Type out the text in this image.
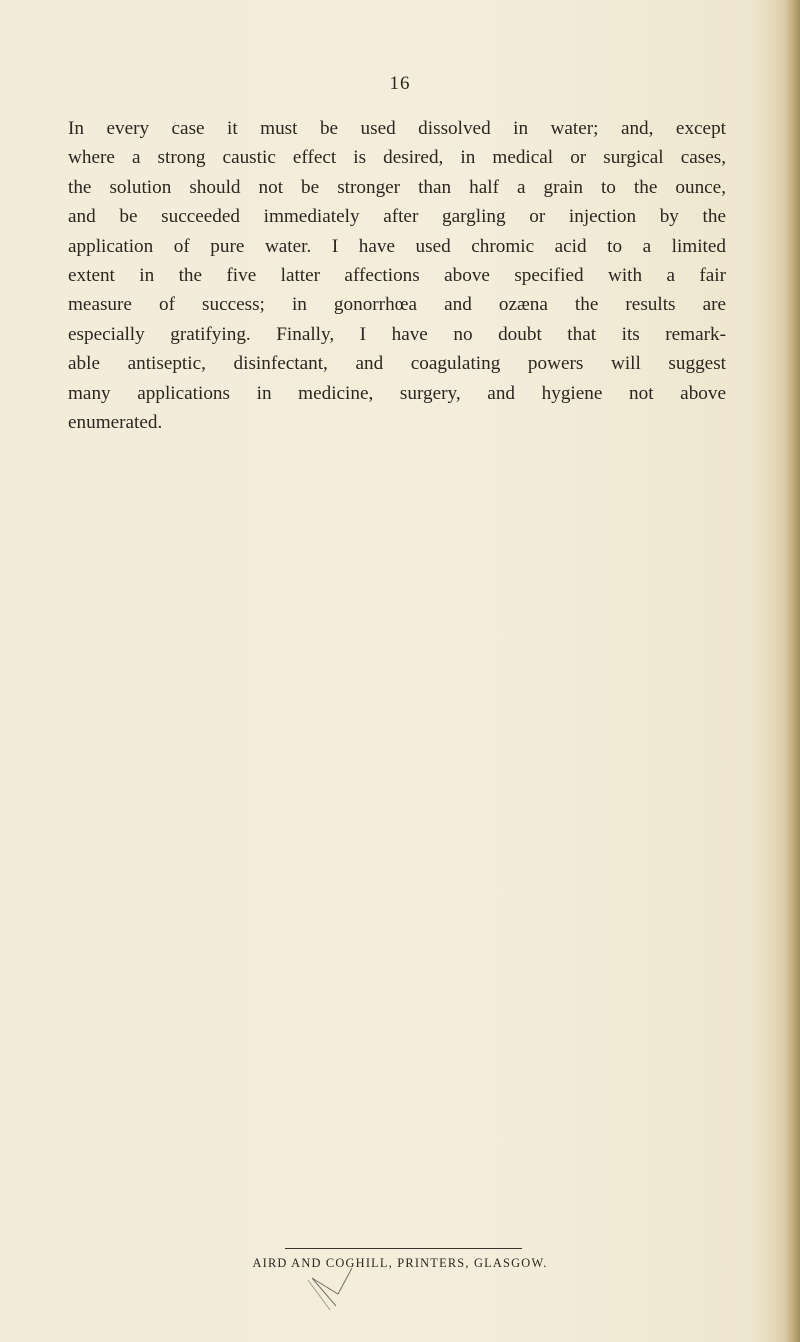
16
In every case it must be used dissolved in water; and, except
where a strong caustic effect is desired, in medical or surgical cases,
the solution should not be stronger than half a grain to the ounce,
and be succeeded immediately after gargling or injection by the
application of pure water. I have used chromic acid to a limited
extent in the five latter affections above specified with a fair
measure of success; in gonorrhœa and ozæna the results are
especially gratifying. Finally, I have no doubt that its remark-
able antiseptic, disinfectant, and coagulating powers will suggest
many applications in medicine, surgery, and hygiene not above
enumerated.
AIRD AND COGHILL, PRINTERS, GLASGOW.
